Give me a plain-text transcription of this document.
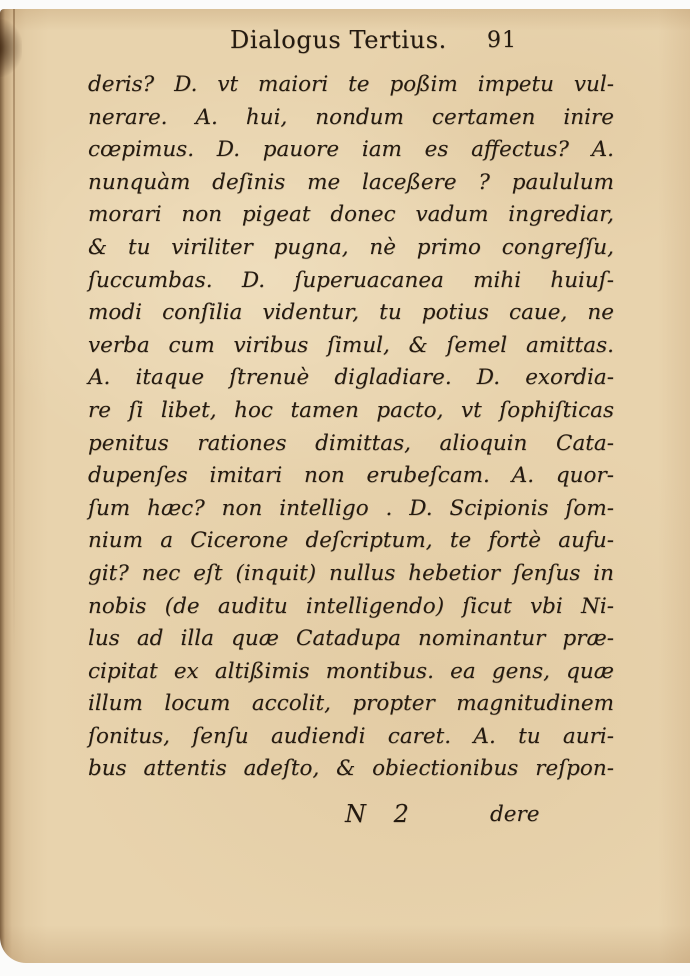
Dialogus Tertius. 91
deris? D. vt maiori te poßim impetu vul-
nerare. A. hui, nondum certamen inire
cœpimus. D. pauore iam es affectus? A.
nunquàm deſinis me laceßere ? paululum
morari non pigeat donec vadum ingrediar,
& tu viriliter pugna, nè primo congreſſu,
ſuccumbas. D. ſuperuacanea mihi huiuſ-
modi conſilia videntur, tu potius caue, ne
verba cum viribus ſimul, & ſemel amittas.
A. itaque ſtrenuè digladiare. D. exordia-
re ſi libet, hoc tamen pacto, vt ſophiſticas
penitus rationes dimittas, alioquin Cata-
dupenſes imitari non erubeſcam. A. quor-
ſum hæc? non intelligo . D. Scipionis ſom-
nium a Cicerone deſcriptum, te fortè aufu-
git? nec eſt (inquit) nullus hebetior ſenſus in
nobis (de auditu intelligendo) ſicut vbi Ni-
lus ad illa quæ Catadupa nominantur præ-
cipitat ex altißimis montibus. ea gens, quæ
illum locum accolit, propter magnitudinem
ſonitus, ſenſu audiendi caret. A. tu auri-
bus attentis adeſto, & obiectionibus reſpon-
N 2	dere
